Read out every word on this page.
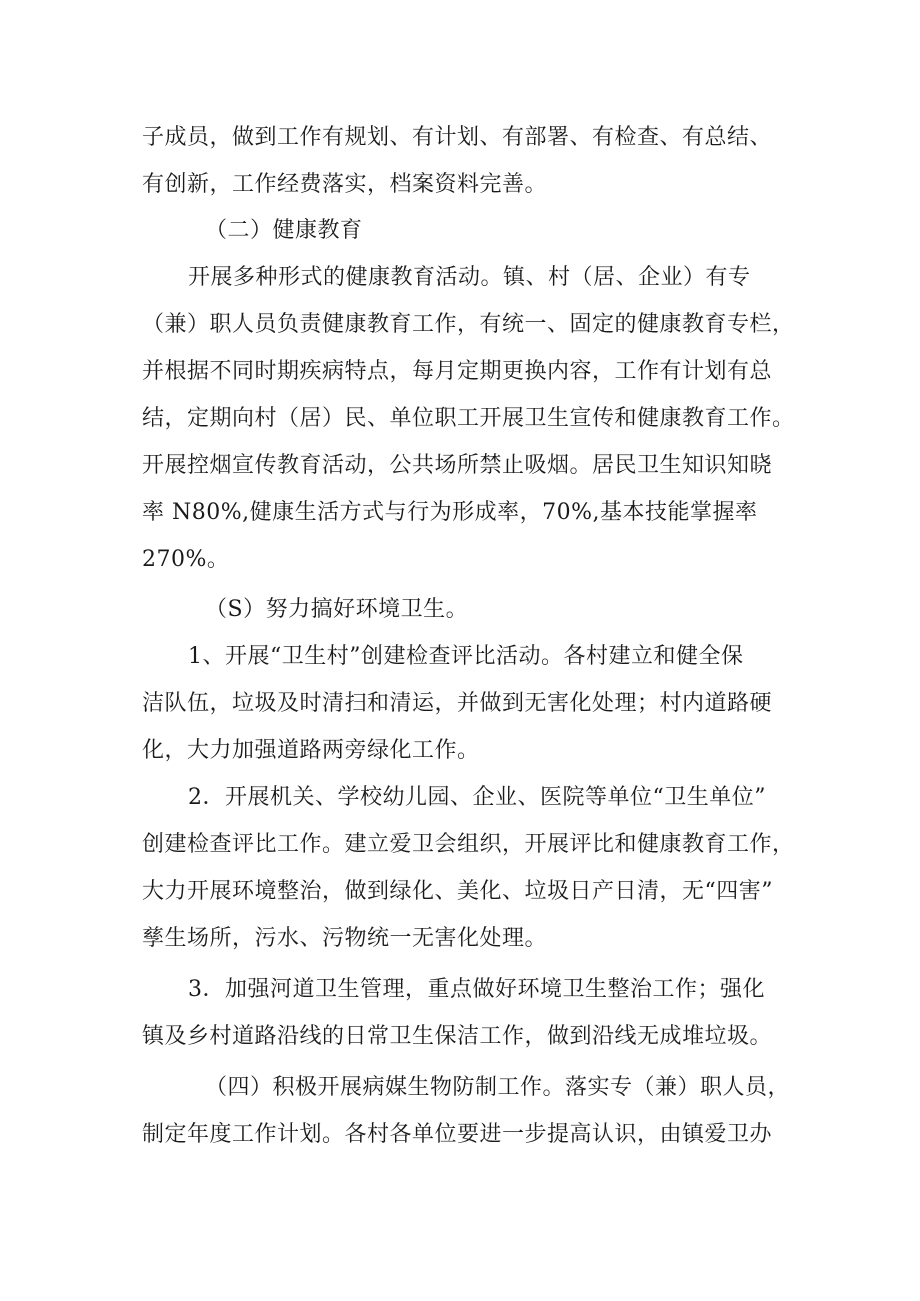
子成员，做到工作有规划、有计划、有部署、有检查、有总结、
有创新，工作经费落实，档案资料完善。
（二）健康教育
开展多种形式的健康教育活动。镇、村（居、企业）有专
（兼）职人员负责健康教育工作，有统一、固定的健康教育专栏，
并根据不同时期疾病特点，每月定期更换内容，工作有计划有总
结，定期向村（居）民、单位职工开展卫生宣传和健康教育工作。
开展控烟宣传教育活动，公共场所禁止吸烟。居民卫生知识知晓
率 N80%,健康生活方式与行为形成率，70%,基本技能掌握率
270%。
（S）努力搞好环境卫生。
1、开展“卫生村”创建检查评比活动。各村建立和健全保
洁队伍，垃圾及时清扫和清运，并做到无害化处理；村内道路硬
化，大力加强道路两旁绿化工作。
2．开展机关、学校幼儿园、企业、医院等单位“卫生单位”
创建检查评比工作。建立爱卫会组织，开展评比和健康教育工作，
大力开展环境整治，做到绿化、美化、垃圾日产日清，无“四害”
孳生场所，污水、污物统一无害化处理。
3．加强河道卫生管理，重点做好环境卫生整治工作；强化
镇及乡村道路沿线的日常卫生保洁工作，做到沿线无成堆垃圾。
（四）积极开展病媒生物防制工作。落实专（兼）职人员，
制定年度工作计划。各村各单位要进一步提高认识，由镇爱卫办
